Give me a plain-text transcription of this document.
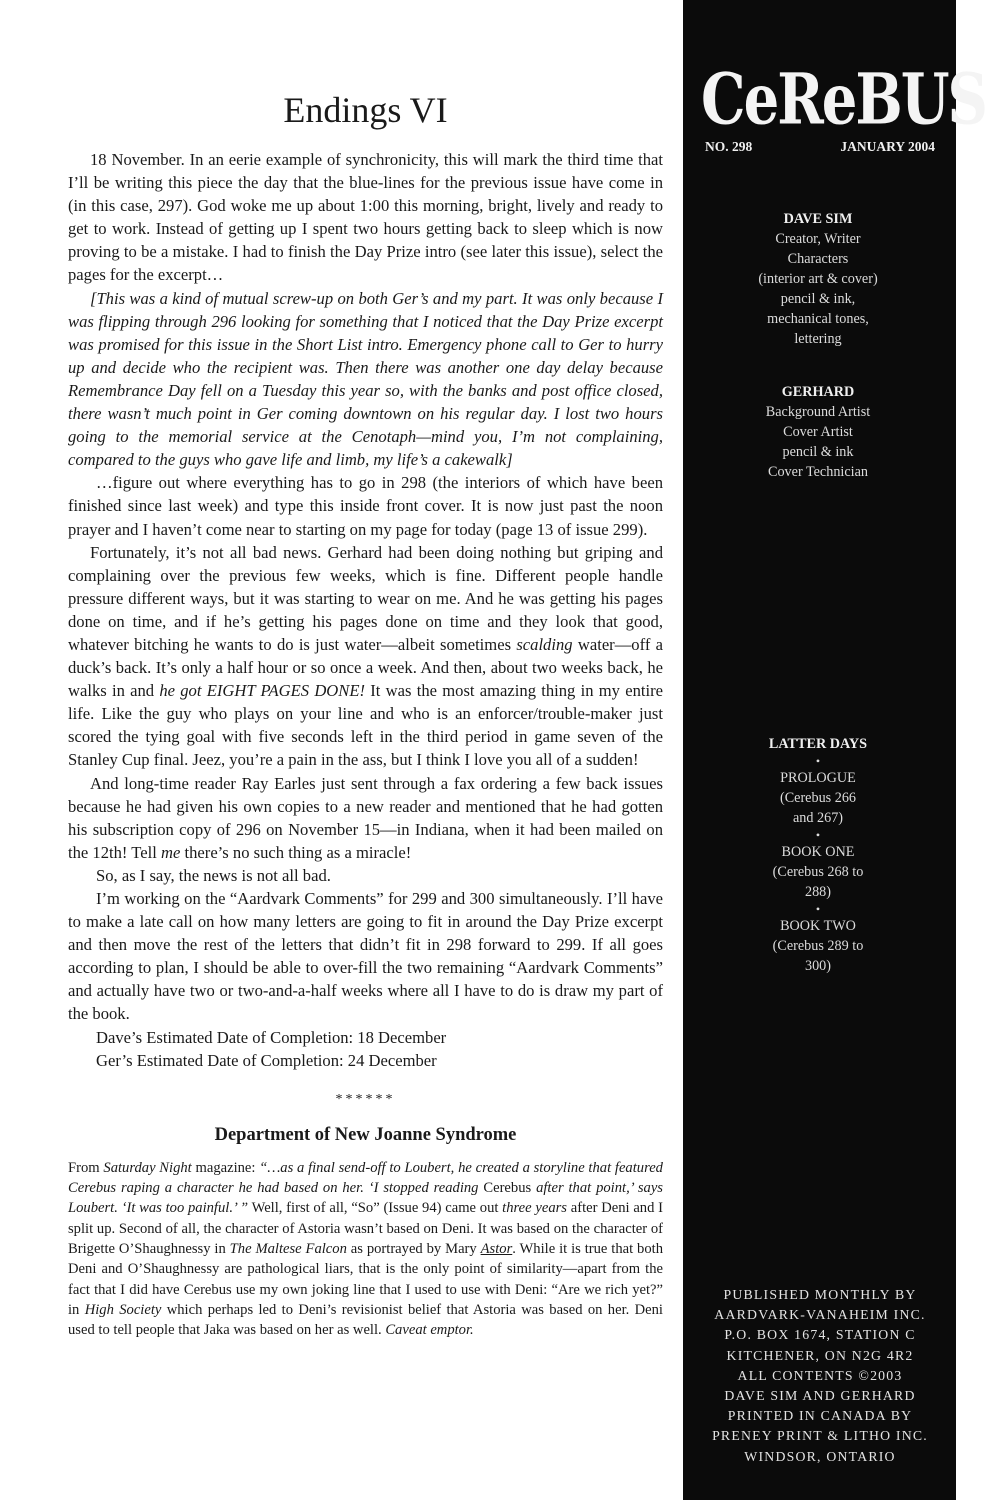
Endings VI

18 November. In an eerie example of synchronicity, this will mark the third time that I’ll be writing this piece the day that the blue-lines for the previous issue have come in (in this case, 297). God woke me up about 1:00 this morning, bright, lively and ready to get to work. Instead of getting up I spent two hours getting back to sleep which is now proving to be a mistake. I had to finish the Day Prize intro (see later this issue), select the pages for the excerpt…

[This was a kind of mutual screw-up on both Ger’s and my part. It was only because I was flipping through 296 looking for something that I noticed that the Day Prize excerpt was promised for this issue in the Short List intro. Emergency phone call to Ger to hurry up and decide who the recipient was. Then there was another one day delay because Remembrance Day fell on a Tuesday this year so, with the banks and post office closed, there wasn’t much point in Ger coming downtown on his regular day. I lost two hours going to the memorial service at the Cenotaph—mind you, I’m not complaining, compared to the guys who gave life and limb, my life’s a cakewalk]

…figure out where everything has to go in 298 (the interiors of which have been finished since last week) and type this inside front cover. It is now just past the noon prayer and I haven’t come near to starting on my page for today (page 13 of issue 299).

Fortunately, it’s not all bad news. Gerhard had been doing nothing but griping and complaining over the previous few weeks, which is fine. Different people handle pressure different ways, but it was starting to wear on me. And he was getting his pages done on time, and if he’s getting his pages done on time and they look that good, whatever bitching he wants to do is just water—albeit sometimes scalding water—off a duck’s back. It’s only a half hour or so once a week. And then, about two weeks back, he walks in and he got EIGHT PAGES DONE! It was the most amazing thing in my entire life. Like the guy who plays on your line and who is an enforcer/trouble-maker just scored the tying goal with five seconds left in the third period in game seven of the Stanley Cup final. Jeez, you’re a pain in the ass, but I think I love you all of a sudden!

And long-time reader Ray Earles just sent through a fax ordering a few back issues because he had given his own copies to a new reader and mentioned that he had gotten his subscription copy of 296 on November 15—in Indiana, when it had been mailed on the 12th! Tell me there’s no such thing as a miracle!

So, as I say, the news is not all bad.

I’m working on the “Aardvark Comments” for 299 and 300 simultaneously. I’ll have to make a late call on how many letters are going to fit in around the Day Prize excerpt and then move the rest of the letters that didn’t fit in 298 forward to 299. If all goes according to plan, I should be able to over-fill the two remaining “Aardvark Comments” and actually have two or two-and-a-half weeks where all I have to do is draw my part of the book.

Dave’s Estimated Date of Completion: 18 December
Ger’s Estimated Date of Completion: 24 December
******
Department of New Joanne Syndrome

From Saturday Night magazine: “…as a final send-off to Loubert, he created a storyline that featured Cerebus raping a character he had based on her. ‘I stopped reading Cerebus after that point,’ says Loubert. ‘It was too painful.’ ” Well, first of all, “So” (Issue 94) came out three years after Deni and I split up. Second of all, the character of Astoria wasn’t based on Deni. It was based on the character of Brigette O’Shaughnessy in The Maltese Falcon as portrayed by Mary Astor. While it is true that both Deni and O’Shaughnessy are pathological liars, that is the only point of similarity—apart from the fact that I did have Cerebus use my own joking line that I used to use with Deni: “Are we rich yet?” in High Society which perhaps led to Deni’s revisionist belief that Astoria was based on her. Deni used to tell people that Jaka was based on her as well. Caveat emptor.

CeReBUS
NO. 298	JANUARY 2004
DAVE SIM
Creator, Writer
Characters
(interior art & cover)
pencil & ink,
mechanical tones,
lettering
GERHARD
Background Artist
Cover Artist
pencil & ink
Cover Technician
LATTER DAYS
•
PROLOGUE
(Cerebus 266
and 267)
•
BOOK ONE
(Cerebus 268 to
288)
•
BOOK TWO
(Cerebus 289 to
300)
PUBLISHED MONTHLY BY
AARDVARK-VANAHEIM INC.
P.O. BOX 1674, STATION C
KITCHENER, ON N2G 4R2
ALL CONTENTS ©2003
DAVE SIM AND GERHARD
PRINTED IN CANADA BY
PRENEY PRINT & LITHO INC.
WINDSOR, ONTARIO
